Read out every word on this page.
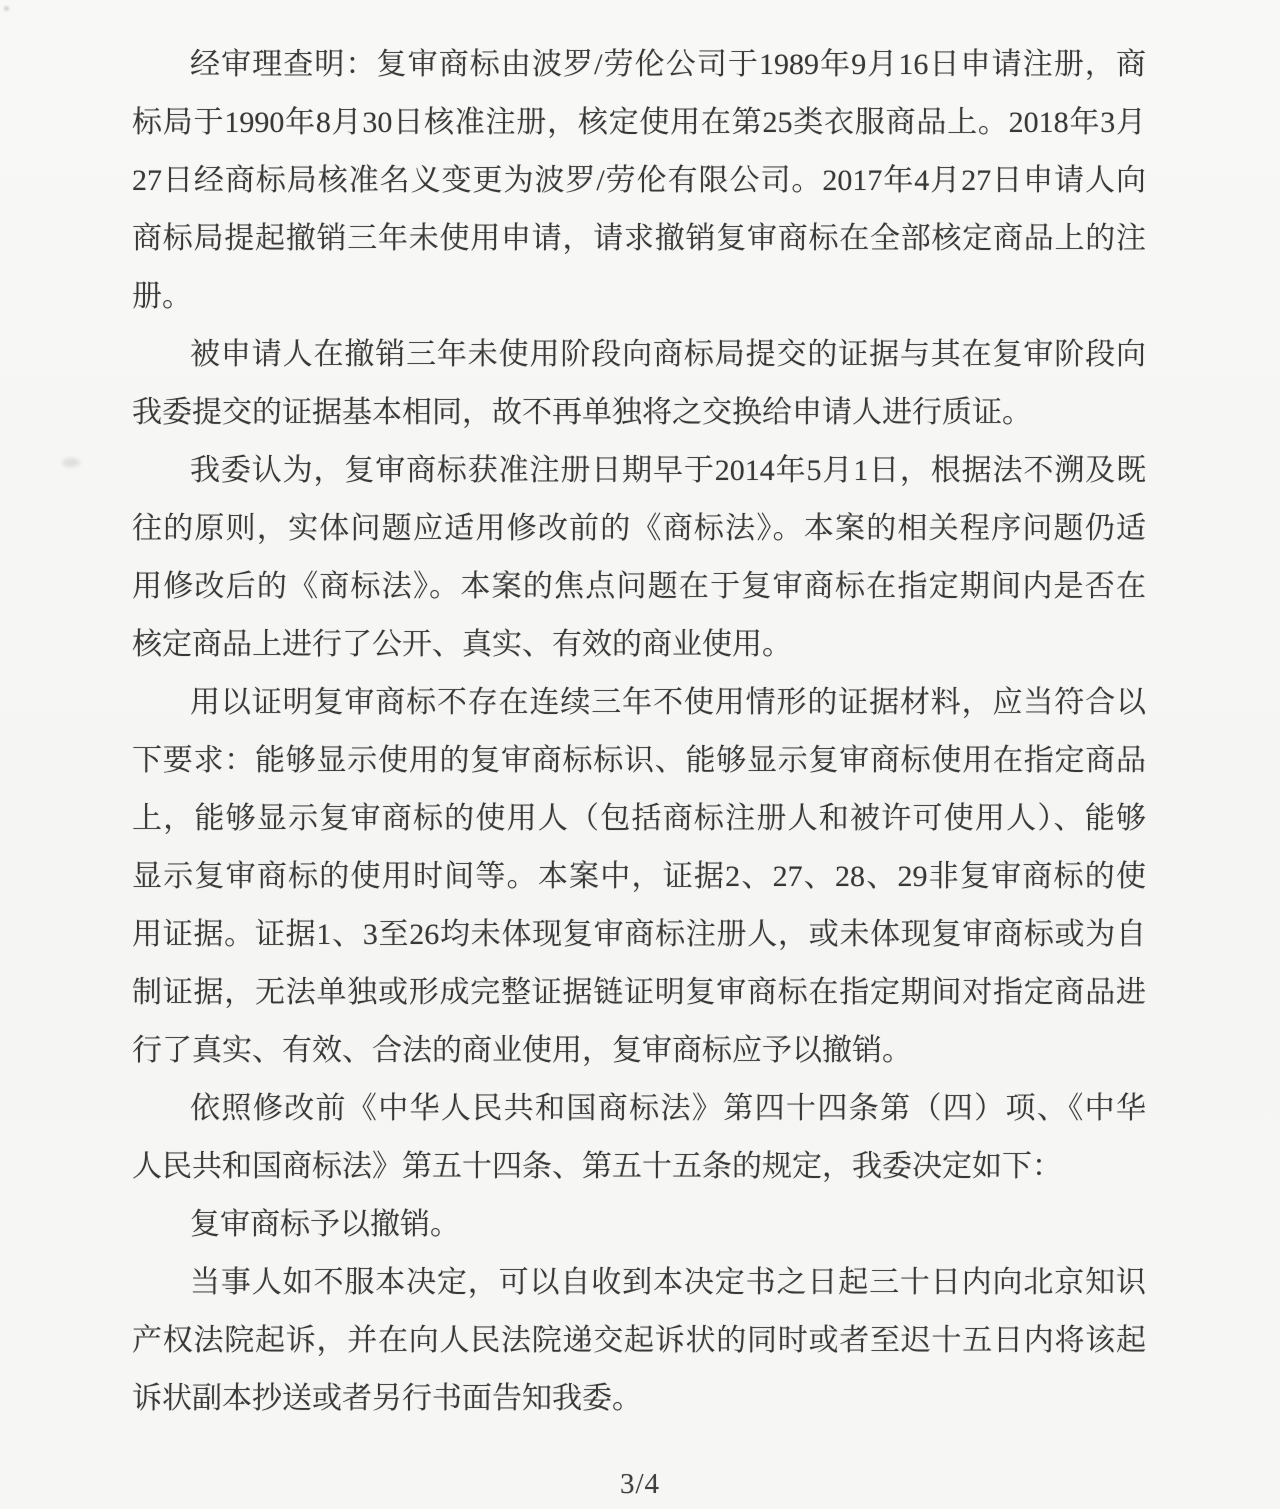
经审理查明：复审商标由波罗/劳伦公司于1989年9月16日申请注册，商
标局于1990年8月30日核准注册，核定使用在第25类衣服商品上。2018年3月
27日经商标局核准名义变更为波罗/劳伦有限公司。2017年4月27日申请人向
商标局提起撤销三年未使用申请，请求撤销复审商标在全部核定商品上的注
册。
被申请人在撤销三年未使用阶段向商标局提交的证据与其在复审阶段向
我委提交的证据基本相同，故不再单独将之交换给申请人进行质证。
我委认为，复审商标获准注册日期早于2014年5月1日，根据法不溯及既
往的原则，实体问题应适用修改前的《商标法》。本案的相关程序问题仍适
用修改后的《商标法》。本案的焦点问题在于复审商标在指定期间内是否在
核定商品上进行了公开、真实、有效的商业使用。
用以证明复审商标不存在连续三年不使用情形的证据材料，应当符合以
下要求：能够显示使用的复审商标标识、能够显示复审商标使用在指定商品
上，能够显示复审商标的使用人（包括商标注册人和被许可使用人）、能够
显示复审商标的使用时间等。本案中，证据2、27、28、29非复审商标的使
用证据。证据1、3至26均未体现复审商标注册人，或未体现复审商标或为自
制证据，无法单独或形成完整证据链证明复审商标在指定期间对指定商品进
行了真实、有效、合法的商业使用，复审商标应予以撤销。
依照修改前《中华人民共和国商标法》第四十四条第（四）项、《中华
人民共和国商标法》第五十四条、第五十五条的规定，我委决定如下：
复审商标予以撤销。
当事人如不服本决定，可以自收到本决定书之日起三十日内向北京知识
产权法院起诉，并在向人民法院递交起诉状的同时或者至迟十五日内将该起
诉状副本抄送或者另行书面告知我委。
3/4
